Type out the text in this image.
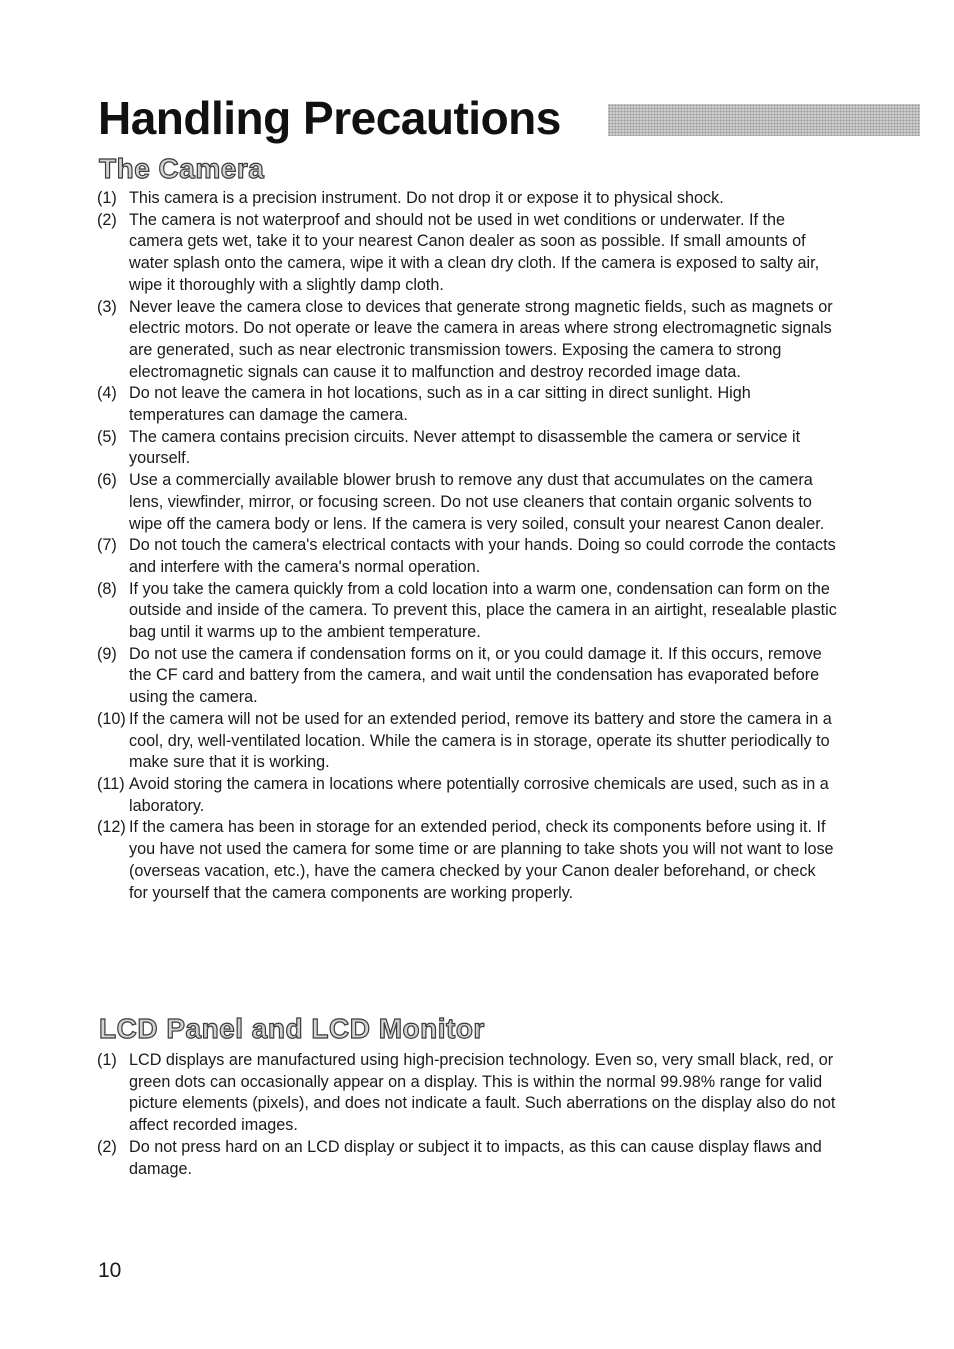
Handling Precautions
The Camera
(1) This camera is a precision instrument. Do not drop it or expose it to physical shock.
(2) The camera is not waterproof and should not be used in wet conditions or underwater. If the camera gets wet, take it to your nearest Canon dealer as soon as possible. If small amounts of water splash onto the camera, wipe it with a clean dry cloth. If the camera is exposed to salty air, wipe it thoroughly with a slightly damp cloth.
(3) Never leave the camera close to devices that generate strong magnetic fields, such as magnets or electric motors. Do not operate or leave the camera in areas where strong electromagnetic signals are generated, such as near electronic transmission towers. Exposing the camera to strong electromagnetic signals can cause it to malfunction and destroy recorded image data.
(4) Do not leave the camera in hot locations, such as in a car sitting in direct sunlight. High temperatures can damage the camera.
(5) The camera contains precision circuits. Never attempt to disassemble the camera or service it yourself.
(6) Use a commercially available blower brush to remove any dust that accumulates on the camera lens, viewfinder, mirror, or focusing screen. Do not use cleaners that contain organic solvents to wipe off the camera body or lens. If the camera is very soiled, consult your nearest Canon dealer.
(7) Do not touch the camera's electrical contacts with your hands. Doing so could corrode the contacts and interfere with the camera's normal operation.
(8) If you take the camera quickly from a cold location into a warm one, condensation can form on the outside and inside of the camera. To prevent this, place the camera in an airtight, resealable plastic bag until it warms up to the ambient temperature.
(9) Do not use the camera if condensation forms on it, or you could damage it. If this occurs, remove the CF card and battery from the camera, and wait until the condensation has evaporated before using the camera.
(10) If the camera will not be used for an extended period, remove its battery and store the camera in a cool, dry, well-ventilated location. While the camera is in storage, operate its shutter periodically to make sure that it is working.
(11) Avoid storing the camera in locations where potentially corrosive chemicals are used, such as in a laboratory.
(12) If the camera has been in storage for an extended period, check its components before using it. If you have not used the camera for some time or are planning to take shots you will not want to lose (overseas vacation, etc.), have the camera checked by your Canon dealer beforehand, or check for yourself that the camera components are working properly.
LCD Panel and LCD Monitor
(1) LCD displays are manufactured using high-precision technology. Even so, very small black, red, or green dots can occasionally appear on a display. This is within the normal 99.98% range for valid picture elements (pixels), and does not indicate a fault. Such aberrations on the display also do not affect recorded images.
(2) Do not press hard on an LCD display or subject it to impacts, as this can cause display flaws and damage.
10
